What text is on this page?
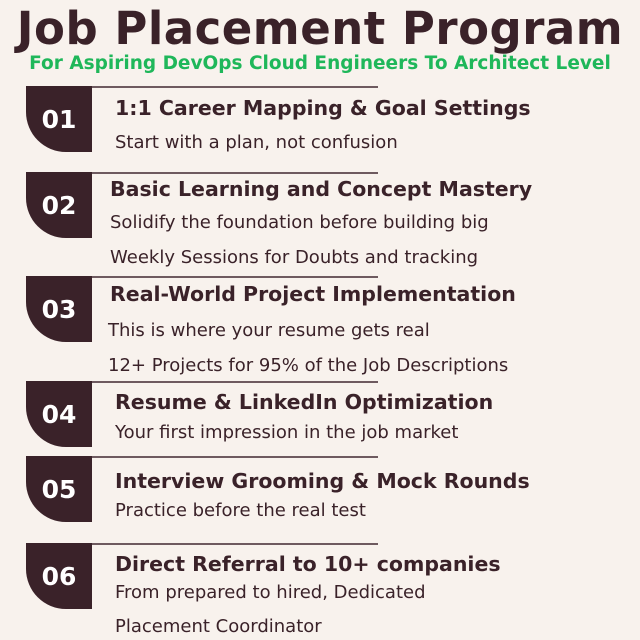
Job Placement Program
For Aspiring DevOps Cloud Engineers To Architect Level
01	1:1 Career Mapping & Goal Settings
Start with a plan, not confusion
02
Basic Learning and Concept Mastery
Solidify the foundation before building big
Weekly Sessions for Doubts and tracking
03
Real-World Project Implementation
This is where your resume gets real
12+ Projects for 95% of the Job Descriptions
04	Resume & LinkedIn Optimization
Your first impression in the job market
05	Interview Grooming & Mock Rounds
Practice before the real test
06	Direct Referral to 10+ companies
From prepared to hired, Dedicated
Placement Coordinator
